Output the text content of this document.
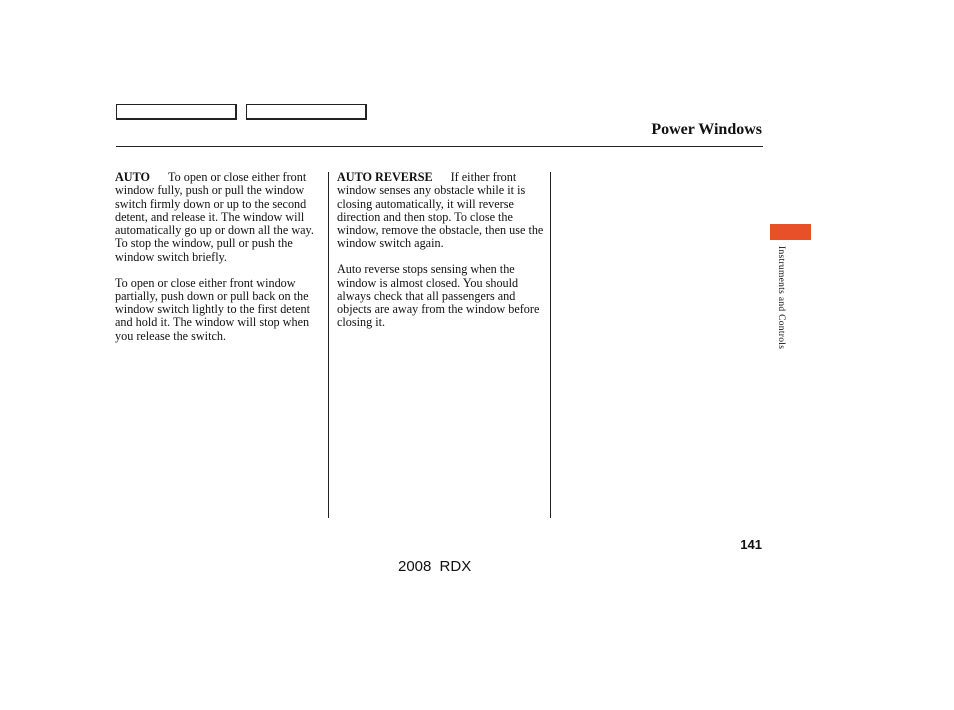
Power Windows

AUTO To open or close either front window fully, push or pull the window switch firmly down or up to the second detent, and release it. The window will automatically go up or down all the way. To stop the window, pull or push the window switch briefly.

To open or close either front window partially, push down or pull back on the window switch lightly to the first detent and hold it. The window will stop when you release the switch.

AUTO REVERSE If either front window senses any obstacle while it is closing automatically, it will reverse direction and then stop. To close the window, remove the obstacle, then use the window switch again.

Auto reverse stops sensing when the window is almost closed. You should always check that all passengers and objects are away from the window before closing it.	Instruments and Controls
141
2008 RDX
